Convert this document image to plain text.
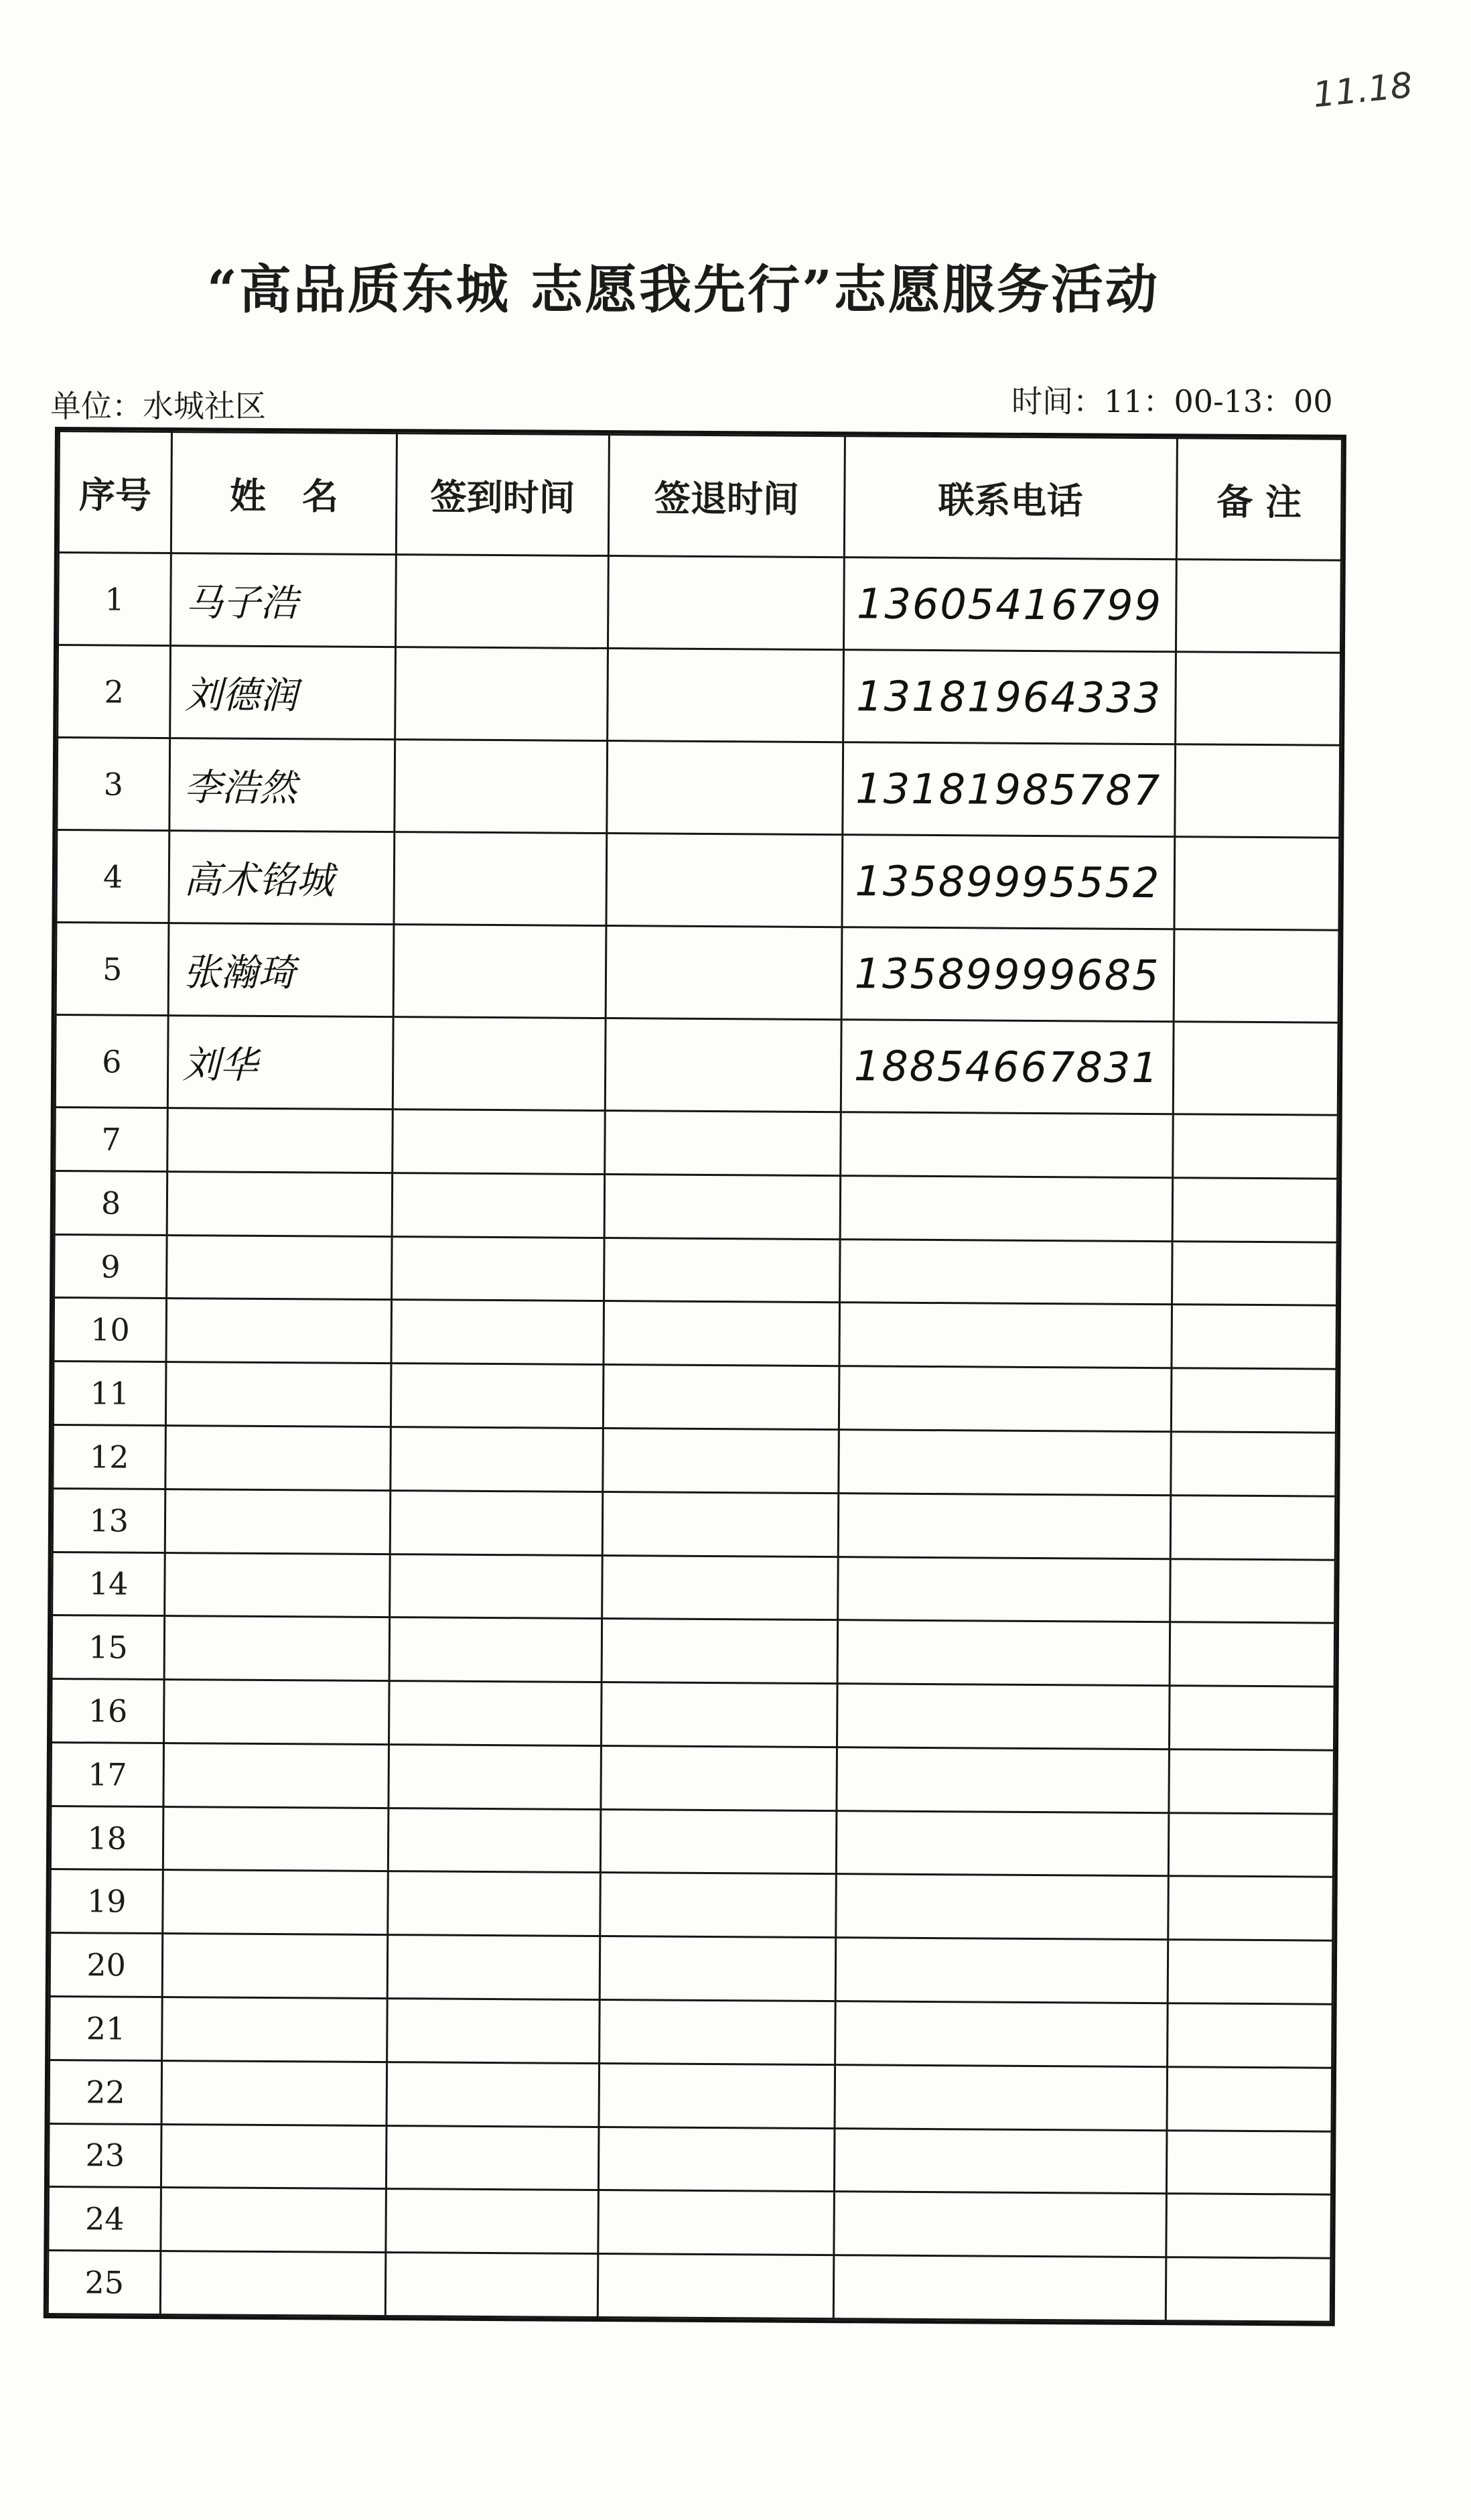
11.18
“高品质东城 志愿我先行”志愿服务活动
单位：水城社区	时间：11：00-13：00
序号	姓　名	签到时间	签退时间	联系电话	备 注
1	马子浩			13605416799	
2	刘德润			13181964333	
3	李浩然			13181985787	
4	高术铭城			13589995552	
5	张瀚琦			13589999685	
6	刘华			18854667831	
7					
8					
9					
10					
11					
12					
13					
14					
15					
16					
17					
18					
19					
20					
21					
22					
23					
24					
25					
